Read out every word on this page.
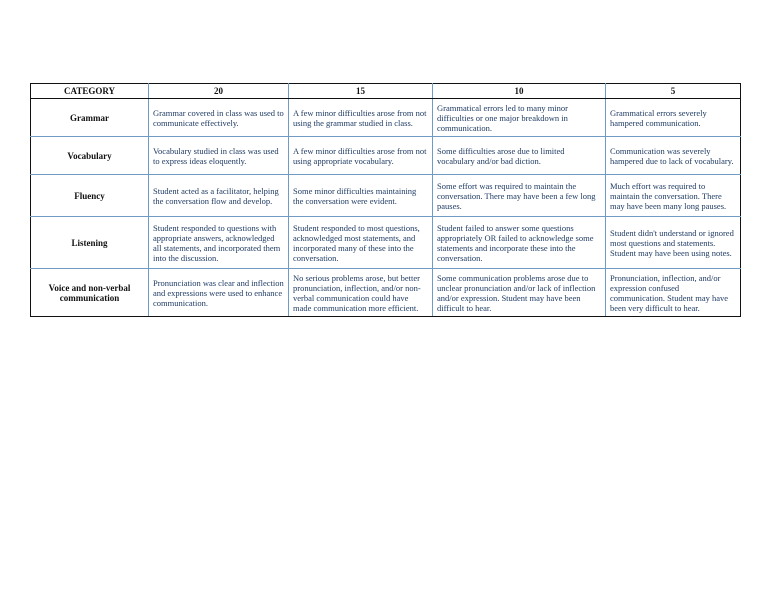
CATEGORY	20	15	10	5
Grammar	Grammar covered in class was used to communicate effectively.	A few minor difficulties arose from not using the grammar studied in class.	Grammatical errors led to many minor difficulties or one major breakdown in communication.	Grammatical errors severely hampered communication.
Vocabulary	Vocabulary studied in class was used to express ideas eloquently.	A few minor difficulties arose from not using appropriate vocabulary.	Some difficulties arose due to limited vocabulary and/or bad diction.	Communication was severely hampered due to lack of vocabulary.
Fluency	Student acted as a facilitator, helping the conversation flow and develop.	Some minor difficulties maintaining the conversation were evident.	Some effort was required to maintain the conversation. There may have been a few long pauses.	Much effort was required to maintain the conversation. There may have been many long pauses.
Listening	Student responded to questions with appropriate answers, acknowledged all statements, and incorporated them into the discussion.	Student responded to most questions, acknowledged most statements, and incorporated many of these into the conversation.	Student failed to answer some questions appropriately OR failed to acknowledge some statements and incorporate these into the conversation.	Student didn't understand or ignored most questions and statements. Student may have been using notes.
Voice and non-verbal communication	Pronunciation was clear and inflection and expressions were used to enhance communication.	No serious problems arose, but better pronunciation, inflection, and/or non-verbal communication could have made communication more efficient.	Some communication problems arose due to unclear pronunciation and/or lack of inflection and/or expression. Student may have been difficult to hear.	Pronunciation, inflection, and/or expression confused communication. Student may have been very difficult to hear.
